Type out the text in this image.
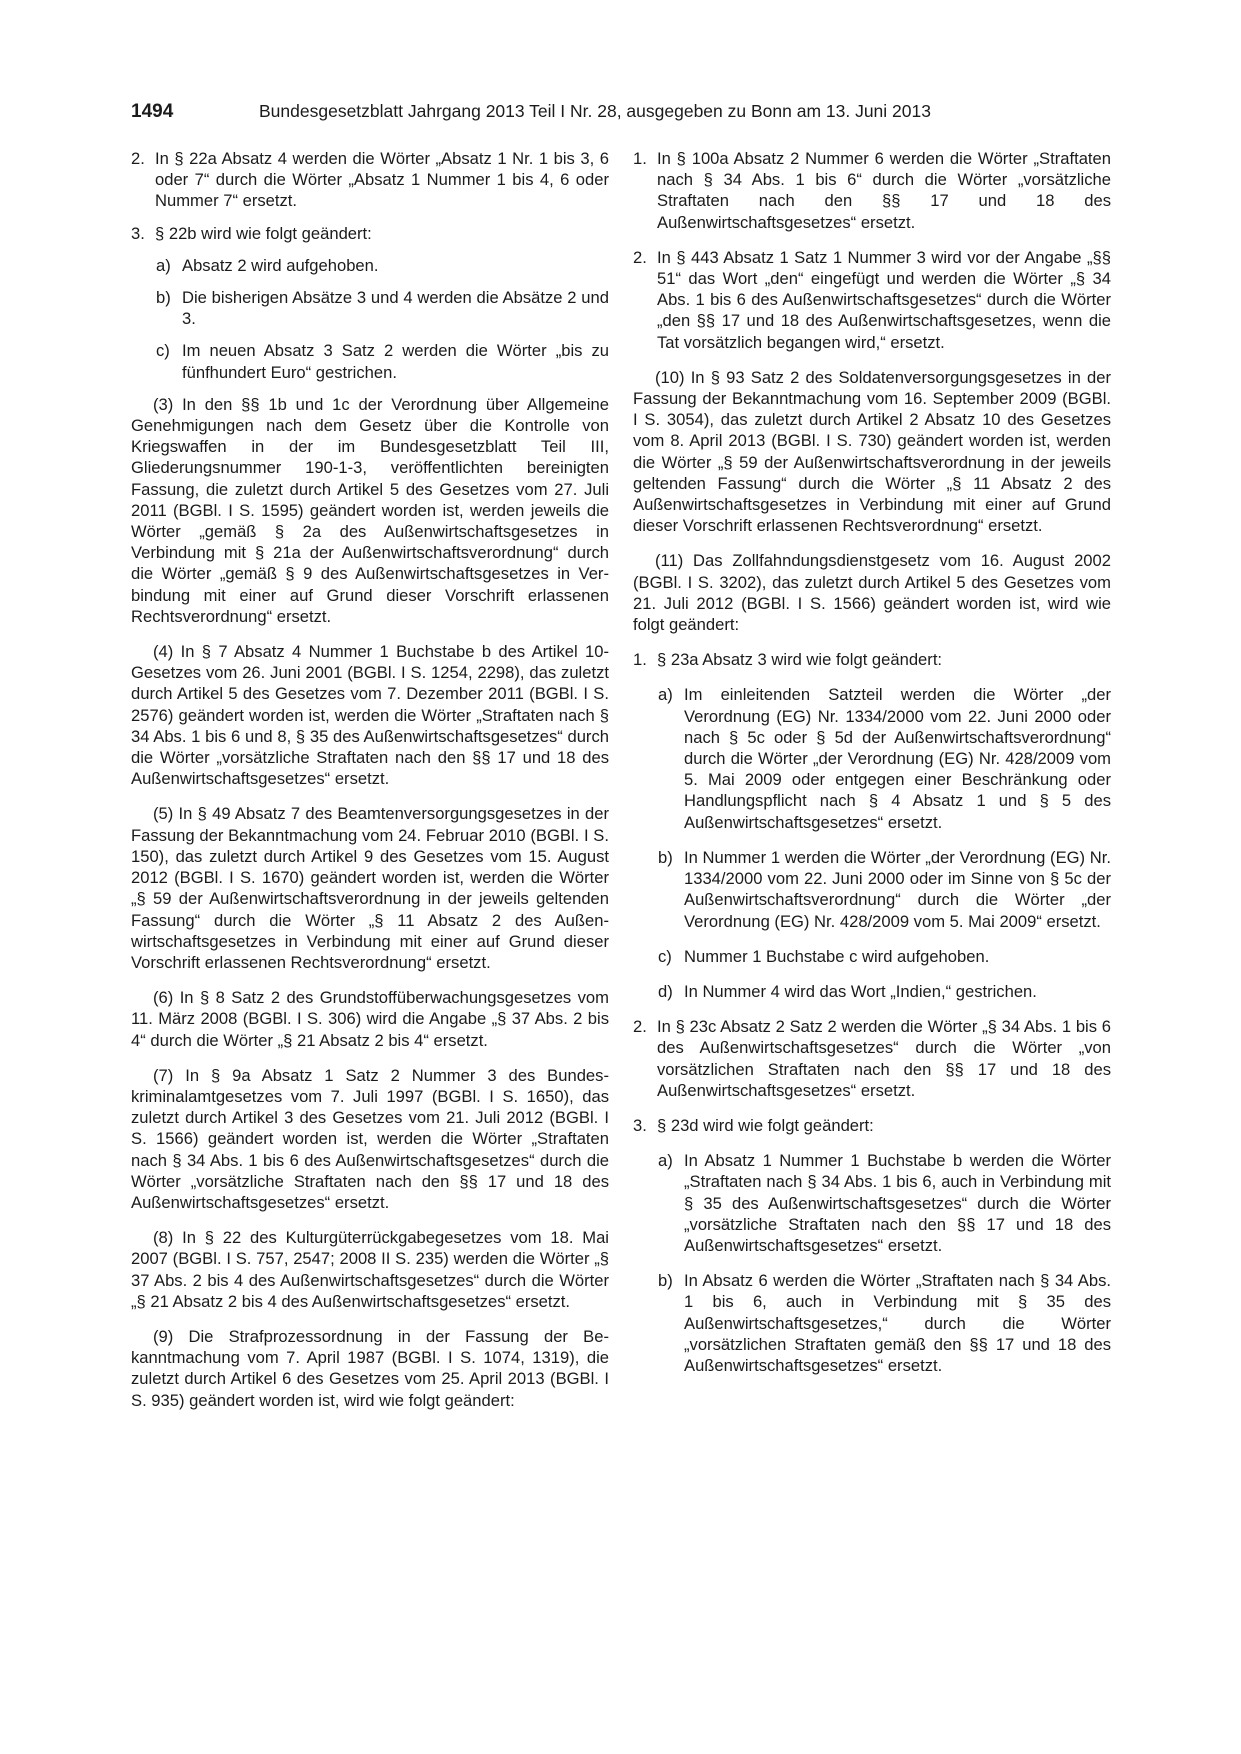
1494	Bundesgesetzblatt Jahrgang 2013 Teil I Nr. 28, ausgegeben zu Bonn am 13. Juni 2013
2. In § 22a Absatz 4 werden die Wörter „Absatz 1 Nr. 1 bis 3, 6 oder 7“ durch die Wörter „Absatz 1 Nummer 1 bis 4, 6 oder Nummer 7“ ersetzt.
3. § 22b wird wie folgt geändert:
a) Absatz 2 wird aufgehoben.
b) Die bisherigen Absätze 3 und 4 werden die Absätze 2 und 3.
c) Im neuen Absatz 3 Satz 2 werden die Wörter „bis zu fünfhundert Euro“ gestrichen.

(3) In den §§ 1b und 1c der Verordnung über Allgemeine Genehmigungen nach dem Gesetz über die Kontrolle von Kriegswaffen in der im Bundesgesetzblatt Teil III, Gliederungsnummer 190-1-3, veröffentlichten bereinigten Fassung, die zuletzt durch Artikel 5 des Gesetzes vom 27. Juli 2011 (BGBl. I S. 1595) geändert worden ist, werden jeweils die Wörter „gemäß § 2a des Außenwirtschaftsgesetzes in Verbindung mit § 21a der Außenwirtschaftsverordnung“ durch die Wörter „gemäß § 9 des Außenwirtschaftsgesetzes in Verbindung mit einer auf Grund dieser Vorschrift erlassenen Rechtsverordnung“ ersetzt.

(4) In § 7 Absatz 4 Nummer 1 Buchstabe b des Artikel 10-Gesetzes vom 26. Juni 2001 (BGBl. I S. 1254, 2298), das zuletzt durch Artikel 5 des Gesetzes vom 7. Dezember 2011 (BGBl. I S. 2576) geändert worden ist, werden die Wörter „Straftaten nach § 34 Abs. 1 bis 6 und 8, § 35 des Außenwirtschaftsgesetzes“ durch die Wörter „vorsätzliche Straftaten nach den §§ 17 und 18 des Außenwirtschaftsgesetzes“ ersetzt.

(5) In § 49 Absatz 7 des Beamtenversorgungsgesetzes in der Fassung der Bekanntmachung vom 24. Februar 2010 (BGBl. I S. 150), das zuletzt durch Artikel 9 des Gesetzes vom 15. August 2012 (BGBl. I S. 1670) geändert worden ist, werden die Wörter „§ 59 der Außenwirtschaftsverordnung in der jeweils geltenden Fassung“ durch die Wörter „§ 11 Absatz 2 des Außenwirtschaftsgesetzes in Verbindung mit einer auf Grund dieser Vorschrift erlassenen Rechtsverordnung“ ersetzt.

(6) In § 8 Satz 2 des Grundstoffüberwachungsgesetzes vom 11. März 2008 (BGBl. I S. 306) wird die Angabe „§ 37 Abs. 2 bis 4“ durch die Wörter „§ 21 Absatz 2 bis 4“ ersetzt.

(7) In § 9a Absatz 1 Satz 2 Nummer 3 des Bundeskriminalamtgesetzes vom 7. Juli 1997 (BGBl. I S. 1650), das zuletzt durch Artikel 3 des Gesetzes vom 21. Juli 2012 (BGBl. I S. 1566) geändert worden ist, werden die Wörter „Straftaten nach § 34 Abs. 1 bis 6 des Außenwirtschaftsgesetzes“ durch die Wörter „vorsätzliche Straftaten nach den §§ 17 und 18 des Außenwirtschaftsgesetzes“ ersetzt.

(8) In § 22 des Kulturgüterrückgabegesetzes vom 18. Mai 2007 (BGBl. I S. 757, 2547; 2008 II S. 235) werden die Wörter „§ 37 Abs. 2 bis 4 des Außenwirtschaftsgesetzes“ durch die Wörter „§ 21 Absatz 2 bis 4 des Außenwirtschaftsgesetzes“ ersetzt.

(9) Die Strafprozessordnung in der Fassung der Bekanntmachung vom 7. April 1987 (BGBl. I S. 1074, 1319), die zuletzt durch Artikel 6 des Gesetzes vom 25. April 2013 (BGBl. I S. 935) geändert worden ist, wird wie folgt geändert:

1. In § 100a Absatz 2 Nummer 6 werden die Wörter „Straftaten nach § 34 Abs. 1 bis 6“ durch die Wörter „vorsätzliche Straftaten nach den §§ 17 und 18 des Außenwirtschaftsgesetzes“ ersetzt.
2. In § 443 Absatz 1 Satz 1 Nummer 3 wird vor der Angabe „§§ 51“ das Wort „den“ eingefügt und werden die Wörter „§ 34 Abs. 1 bis 6 des Außenwirtschaftsgesetzes“ durch die Wörter „den §§ 17 und 18 des Außenwirtschaftsgesetzes, wenn die Tat vorsätzlich begangen wird,“ ersetzt.

(10) In § 93 Satz 2 des Soldatenversorgungsgesetzes in der Fassung der Bekanntmachung vom 16. September 2009 (BGBl. I S. 3054), das zuletzt durch Artikel 2 Absatz 10 des Gesetzes vom 8. April 2013 (BGBl. I S. 730) geändert worden ist, werden die Wörter „§ 59 der Außenwirtschaftsverordnung in der jeweils geltenden Fassung“ durch die Wörter „§ 11 Absatz 2 des Außenwirtschaftsgesetzes in Verbindung mit einer auf Grund dieser Vorschrift erlassenen Rechtsverordnung“ ersetzt.

(11) Das Zollfahndungsdienstgesetz vom 16. August 2002 (BGBl. I S. 3202), das zuletzt durch Artikel 5 des Gesetzes vom 21. Juli 2012 (BGBl. I S. 1566) geändert worden ist, wird wie folgt geändert:

1. § 23a Absatz 3 wird wie folgt geändert:
a) Im einleitenden Satzteil werden die Wörter „der Verordnung (EG) Nr. 1334/2000 vom 22. Juni 2000 oder nach § 5c oder § 5d der Außenwirtschaftsverordnung“ durch die Wörter „der Verordnung (EG) Nr. 428/2009 vom 5. Mai 2009 oder entgegen einer Beschränkung oder Handlungspflicht nach § 4 Absatz 1 und § 5 des Außenwirtschaftsgesetzes“ ersetzt.
b) In Nummer 1 werden die Wörter „der Verordnung (EG) Nr. 1334/2000 vom 22. Juni 2000 oder im Sinne von § 5c der Außenwirtschaftsverordnung“ durch die Wörter „der Verordnung (EG) Nr. 428/2009 vom 5. Mai 2009“ ersetzt.
c) Nummer 1 Buchstabe c wird aufgehoben.
d) In Nummer 4 wird das Wort „Indien,“ gestrichen.
2. In § 23c Absatz 2 Satz 2 werden die Wörter „§ 34 Abs. 1 bis 6 des Außenwirtschaftsgesetzes“ durch die Wörter „von vorsätzlichen Straftaten nach den §§ 17 und 18 des Außenwirtschaftsgesetzes“ ersetzt.
3. § 23d wird wie folgt geändert:
a) In Absatz 1 Nummer 1 Buchstabe b werden die Wörter „Straftaten nach § 34 Abs. 1 bis 6, auch in Verbindung mit § 35 des Außenwirtschaftsgesetzes“ durch die Wörter „vorsätzliche Straftaten nach den §§ 17 und 18 des Außenwirtschaftsgesetzes“ ersetzt.
b) In Absatz 6 werden die Wörter „Straftaten nach § 34 Abs. 1 bis 6, auch in Verbindung mit § 35 des Außenwirtschaftsgesetzes,“ durch die Wörter „vorsätzlichen Straftaten gemäß den §§ 17 und 18 des Außenwirtschaftsgesetzes“ ersetzt.
